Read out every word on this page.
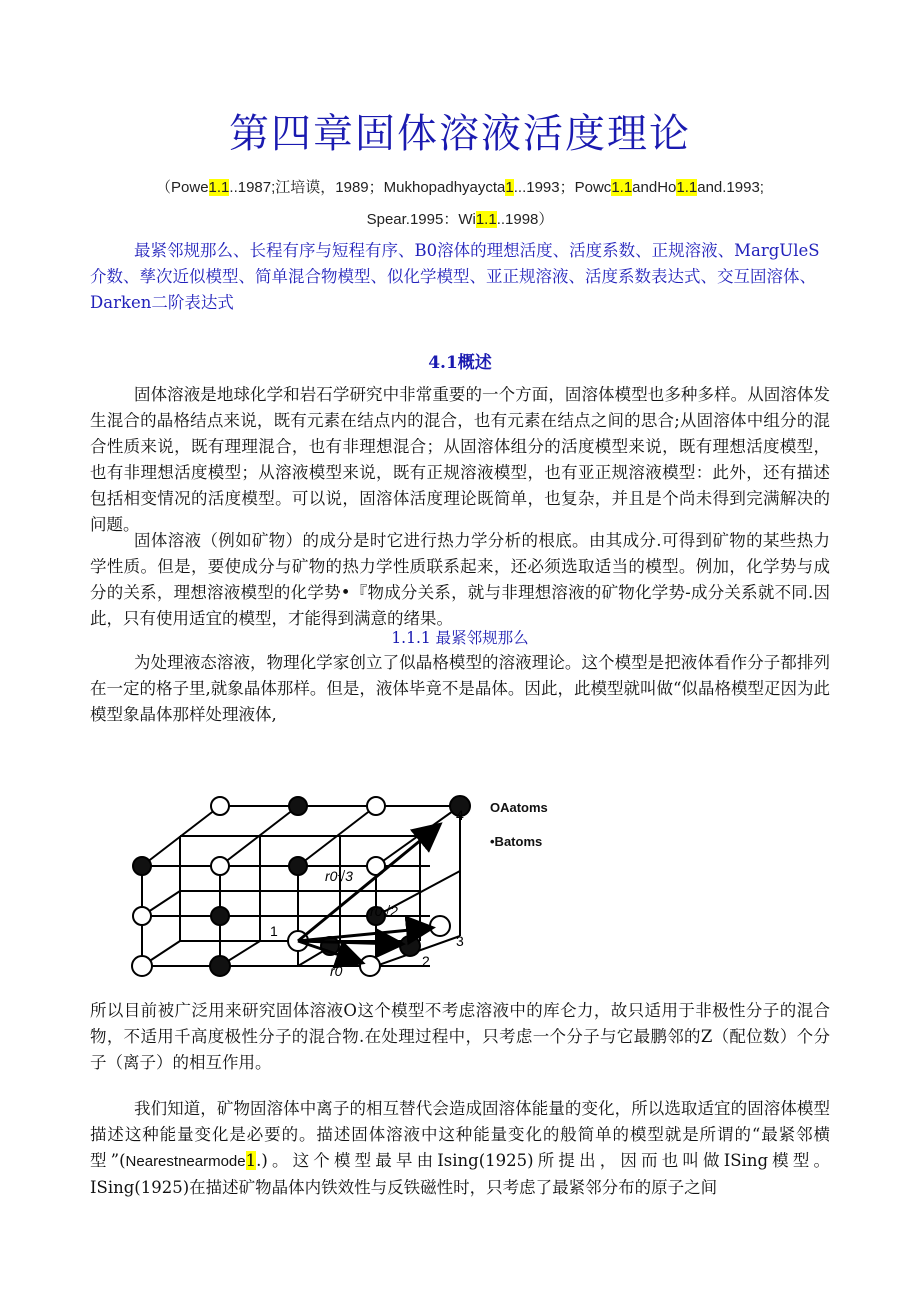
第四章固体溶液活度理论
（Powe1.1..1987;江培谟，1989；Mukhopadhyaycta1...1993；Powc1.1andHo1.1and.1993;
Spear.1995：Wi1.1..1998）

最紧邻规那么、长程有序与短程有序、B0溶体的理想活度、活度系数、正规溶液、MargUleS介数、孳次近似模型、简单混合物模型、似化学模型、亚正规溶液、活度系数表达式、交互固溶体、Darken二阶表达式

4.1概述

固体溶液是地球化学和岩石学研究中非常重要的一个方面，固溶体模型也多种多样。从固溶体发生混合的晶格结点来说，既有元素在结点内的混合，也有元素在结点之间的思合;从固溶体中组分的混合性质来说，既有理理混合，也有非理想混合；从固溶体组分的活度模型来说，既有理想活度模型，也有非理想活度模型；从溶液模型来说，既有正规溶液模型，也有亚正规溶液模型：此外，还有描述包括相变情况的活度模型。可以说，固溶体活度理论既简单，也复杂，并且是个尚未得到完满解决的问题。

固体溶液（例如矿物）的成分是时它进行热力学分析的根底。由其成分.可得到矿物的某些热力学性质。但是，要使成分与矿物的热力学性质联系起来，还必须选取适当的模型。例加，化学势与成分的关系，理想溶液模型的化学势•『物成分关系，就与非理想溶液的矿物化学势-成分关系就不同.因此，只有使用适宜的模型，才能得到满意的绪果。

1.1.1 最紧邻规那么

为处理液态溶液，物理化学家创立了似晶格模型的溶液理论。这个模型是把液体看作分子都排列在一定的格子里,就象晶体那样。但是，液体毕竟不是晶体。因此，此模型就叫做“似晶格模型疋因为此模型象晶体那样处理液体,

4
3
2
1
r0
r0√2
r0√3
OAatoms
•Batoms

所以目前被广泛用来研究固体溶液O这个模型不考虑溶液中的库仑力，故只适用于非极性分子的混合物，不适用千高度极性分子的混合物.在处理过程中，只考虑一个分子与它最鹏邻的Z（配位数）个分子（离子）的相互作用。

我们知道，矿物固溶体中离子的相互替代会造成固溶体能量的变化，所以选取适宜的固溶体模型描述这种能量变化是必要的。描述固体溶液中这种能量变化的般简单的模型就是所谓的“最紧邻横型”(Nearestnearmode1.)。这个模型最早由Ising(1925)所提出，因而也叫做ISing模型。ISing(1925)在描述矿物晶体内铁效性与反铁磁性时，只考虑了最紧邻分布的原子之间
